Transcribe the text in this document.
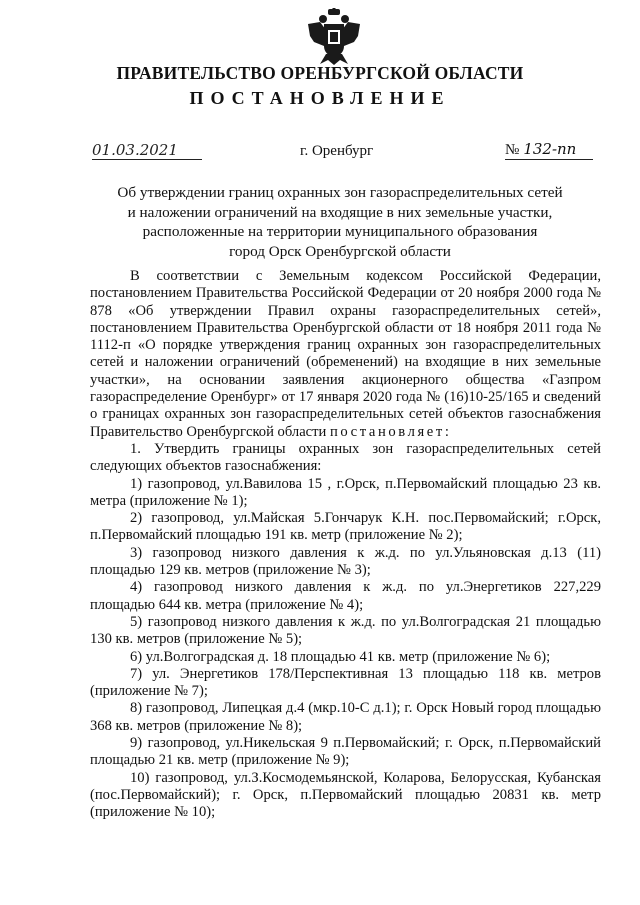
ПРАВИТЕЛЬСТВО ОРЕНБУРГСКОЙ ОБЛАСТИ
ПОСТАНОВЛЕНИЕ
01.03.2021	г. Оренбург	№ 132-пп
Об утверждении границ охранных зон газораспределительных сетей
и наложении ограничений на входящие в них земельные участки,
расположенные на территории муниципального образования
город Орск Оренбургской области

В соответствии с Земельным кодексом Российской Федерации, постановлением Правительства Российской Федерации от 20 ноября 2000 года № 878 «Об утверждении Правил охраны газораспределительных сетей», постановлением Правительства Оренбургской области от 18 ноября 2011 года № 1112-п «О порядке утверждения границ охранных зон газораспределительных сетей и наложении ограничений (обременений) на входящие в них земельные участки», на основании заявления акционерного общества «Газпром газораспределение Оренбург» от 17 января 2020 года № (16)10-25/165 и сведений о границах охранных зон газораспределительных сетей объектов газоснабжения Правительство Оренбургской области постановляет:

1. Утвердить границы охранных зон газораспределительных сетей следующих объектов газоснабжения:

1) газопровод, ул.Вавилова 15 , г.Орск, п.Первомайский площадью 23 кв. метра (приложение № 1);

2) газопровод, ул.Майская 5.Гончарук К.Н. пос.Первомайский; г.Орск, п.Первомайский площадью 191 кв. метр (приложение № 2);

3) газопровод низкого давления к ж.д. по ул.Ульяновская д.13 (11) площадью 129 кв. метров (приложение № 3);

4) газопровод низкого давления к ж.д. по ул.Энергетиков 227,229 площадью 644 кв. метра (приложение № 4);

5) газопровод низкого давления к ж.д. по ул.Волгоградская 21 площадью 130 кв. метров (приложение № 5);

6) ул.Волгоградская д. 18 площадью 41 кв. метр (приложение № 6);

7) ул. Энергетиков 178/Перспективная 13 площадью 118 кв. метров (приложение № 7);

8) газопровод, Липецкая д.4 (мкр.10-С д.1); г. Орск Новый город площадью 368 кв. метров (приложение № 8);

9) газопровод, ул.Никельская 9 п.Первомайский; г. Орск, п.Первомайский площадью 21 кв. метр (приложение № 9);

10) газопровод, ул.З.Космодемьянской, Коларова, Белорусская, Кубанская (пос.Первомайский); г. Орск, п.Первомайский площадью 20831 кв. метр (приложение № 10);
